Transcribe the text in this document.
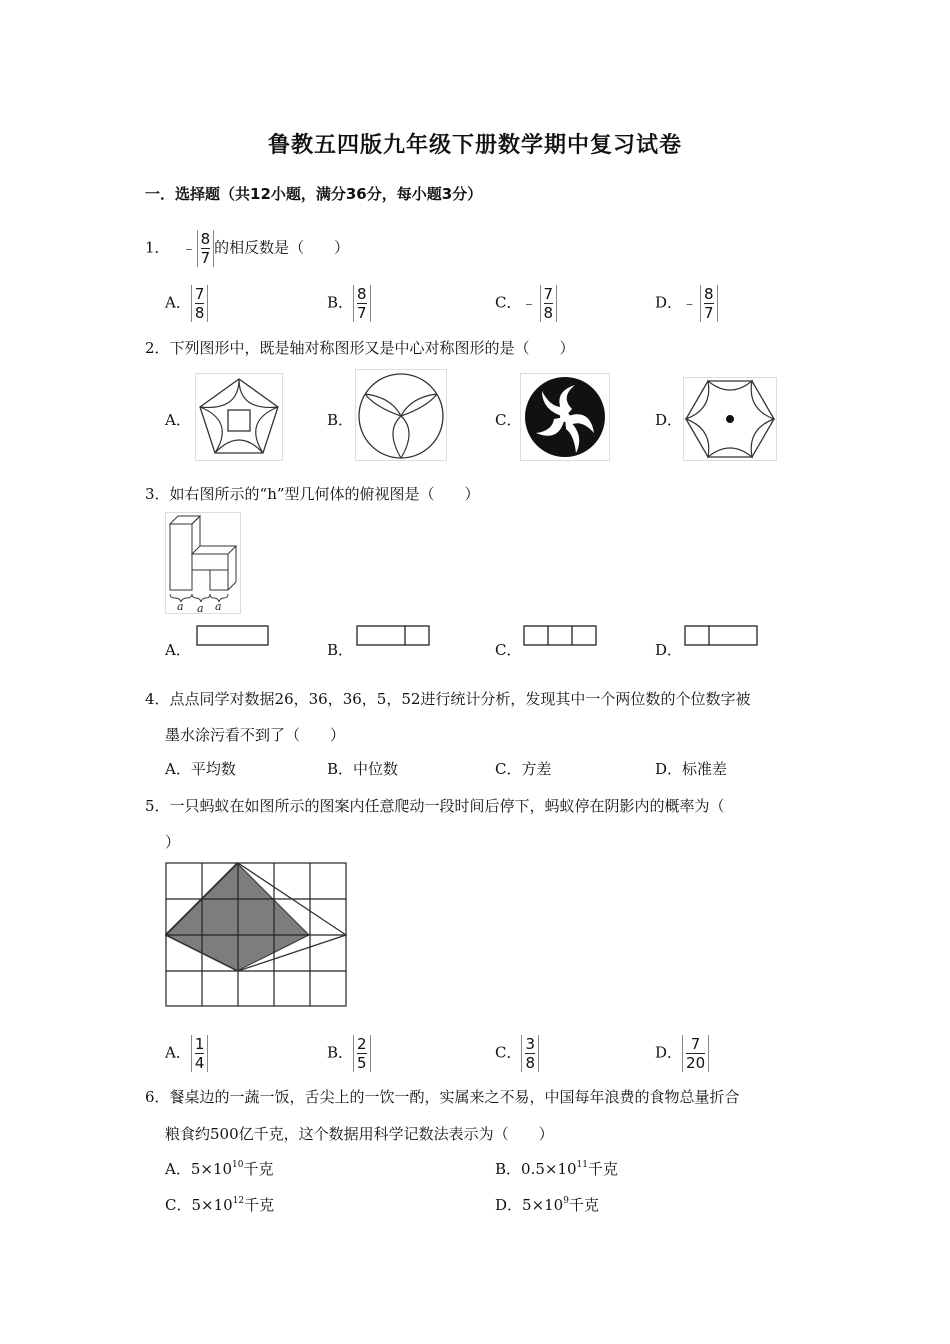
鲁教五四版九年级下册数学期中复习试卷
一．选择题（共12小题，满分36分，每小题3分）
1． ﹣ $\frac{8}{7}$ 的相反数是（　　）
A． $\frac{7}{8}$	B． $\frac{8}{7}$	C．﹣ $\frac{7}{8}$	D．﹣ $\frac{8}{7}$
2．下列图形中，既是轴对称图形又是中心对称图形的是（　　）
A．	B．	C．	D．
3．如右图所示的“h”型几何体的俯视图是（　　）
a a a
A．	B．	C．	D．
4．点点同学对数据26，36，36，5，52进行统计分析，发现其中一个两位数的个位数字被
墨水涂污看不到了（　　）
A．平均数	B．中位数	C．方差	D．标准差
5．一只蚂蚁在如图所示的图案内任意爬动一段时间后停下，蚂蚁停在阴影内的概率为（
）
A． $\frac{1}{4}$	B． $\frac{2}{5}$	C． $\frac{3}{8}$	D． $\frac{7}{20}$
6．餐桌边的一蔬一饭，舌尖上的一饮一酌，实属来之不易，中国每年浪费的食物总量折合
粮食约500亿千克，这个数据用科学记数法表示为（　　）
A．$5\times 10^{10}$千克	B．$0.5\times 10^{11}$千克
C．$5\times 10^{12}$千克	D．$5\times 10^9$千克
